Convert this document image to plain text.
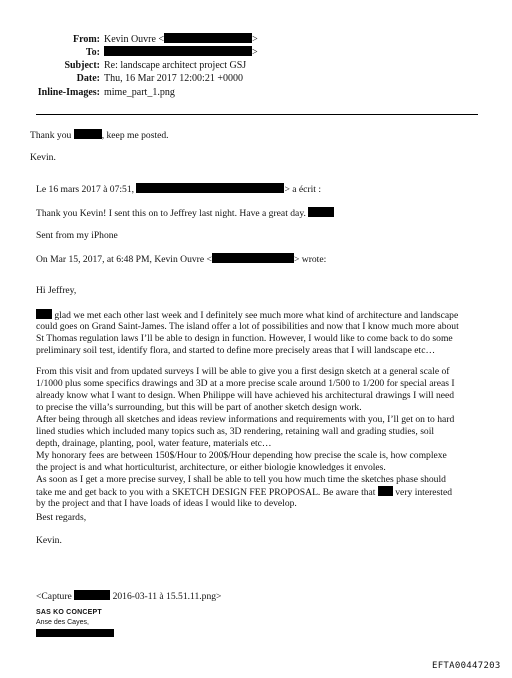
From: Kevin Ouvre <	>
To:	>
Subject: Re: landscape architect project GSJ
Date: Thu, 16 Mar 2017 12:00:21 +0000
Inline-Images: mime_part_1.png
Thank you	, keep me posted.
Kevin.
Le 16 mars 2017 à 07:51,	> a écrit :
Thank you Kevin! I sent this on to Jeffrey last night. Have a great day.
Sent from my iPhone
On Mar 15, 2017, at 6:48 PM, Kevin Ouvre <	> wrote:
Hi Jeffrey,
glad we met each other last week and I definitely see much more what kind of architecture and landscape
could goes on Grand Saint-James. The island offer a lot of possibilities and now that I know much more about
St Thomas regulation laws I’ll be able to design in function. However, I would like to come back to do some
preliminary soil test, identify flora, and started to define more precisely areas that I will landscape etc…
From this visit and from updated surveys I will be able to give you a first design sketch at a general scale of
1/1000 plus some specifics drawings and 3D at a more precise scale around 1/500 to 1/200 for special areas I
already know what I want to design. When Philippe will have achieved his architectural drawings I will need
to precise the villa’s surrounding, but this will be part of another sketch design work.
After being through all sketches and ideas review informations and requirements with you, I’ll get on to hard
lined studies which included many topics such as, 3D rendering, retaining wall and grading studies, soil
depth, drainage, planting, pool, water feature, materials etc…
My honorary fees are between 150$/Hour to 200$/Hour depending how precise the scale is, how complexe
the project is and what horticulturist, architecture, or either biologie knowledges it envoles.
As soon as I get a more precise survey, I shall be able to tell you how much time the sketches phase should
take me and get back to you with a SKETCH DESIGN FEE PROPOSAL. Be aware that  very interested
by the project and that I have loads of ideas I would like to develop.
Best regards,
Kevin.
<Capture	2016-03-11 à 15.51.11.png>
SAS KO CONCEPT
Anse des Cayes,
EFTA00447203
